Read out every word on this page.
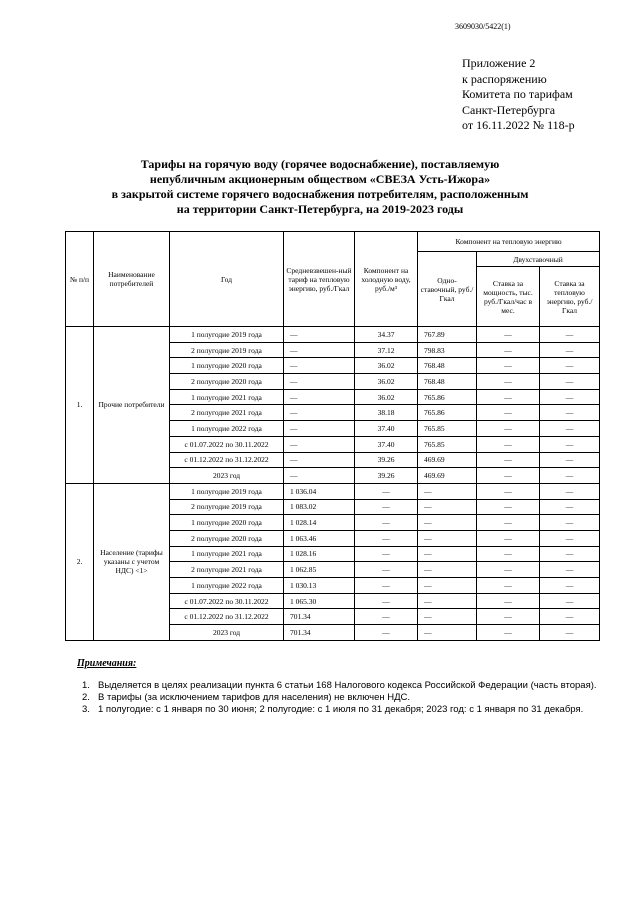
3609030/5422(1)
Приложение 2
к распоряжению
Комитета по тарифам
Санкт-Петербурга
от 16.11.2022 № 118-р
Тарифы на горячую воду (горячее водоснабжение), поставляемую
непубличным акционерным обществом «СВЕЗА Усть-Ижора»
в закрытой системе горячего водоснабжения потребителям, расположенным
на территории Санкт-Петербурга, на 2019-2023 годы
№ п/п	Наименование потребителей	Год	Средневзвешен-ный тариф на тепловую энергию, руб./Гкал	Компонент на холодную воду, руб./м³	Компонент на тепловую энергию		
					Одно-ставочный, руб./Гкал	Двухставочный	
						Ставка за мощность, тыс. руб./Гкал/час в мес.	Ставка за тепловую энергию, руб./Гкал
1.	Прочие потребители	1 полугодие 2019 года	—	34.37	767.89	—	—
		2 полугодие 2019 года	—	37.12	798.83	—	—
		1 полугодие 2020 года	—	36.02	768.48	—	—
		2 полугодие 2020 года	—	36.02	768.48	—	—
		1 полугодие 2021 года	—	36.02	765.86	—	—
		2 полугодие 2021 года	—	38.18	765.86	—	—
		1 полугодие 2022 года	—	37.40	765.85	—	—
		с 01.07.2022 по 30.11.2022	—	37.40	765.85	—	—
		с 01.12.2022 по 31.12.2022	—	39.26	469.69	—	—
		2023 год	—	39.26	469.69	—	—
2.	Население (тарифы указаны с учетом НДС) <1>	1 полугодие 2019 года	1 036.04	—	—	—	—
		2 полугодие 2019 года	1 083.02	—	—	—	—
		1 полугодие 2020 года	1 028.14	—	—	—	—
		2 полугодие 2020 года	1 063.46	—	—	—	—
		1 полугодие 2021 года	1 028.16	—	—	—	—
		2 полугодие 2021 года	1 062.85	—	—	—	—
		1 полугодие 2022 года	1 030.13	—	—	—	—
		с 01.07.2022 по 30.11.2022	1 065.30	—	—	—	—
		с 01.12.2022 по 31.12.2022	701.34	—	—	—	—
		2023 год	701.34	—	—	—	—
Примечания:
1. Выделяется в целях реализации пункта 6 статьи 168 Налогового кодекса Российской Федерации (часть вторая).
2. В тарифы (за исключением тарифов для населения) не включен НДС.
3. 1 полугодие: с 1 января по 30 июня; 2 полугодие: с 1 июля по 31 декабря; 2023 год: с 1 января по 31 декабря.
